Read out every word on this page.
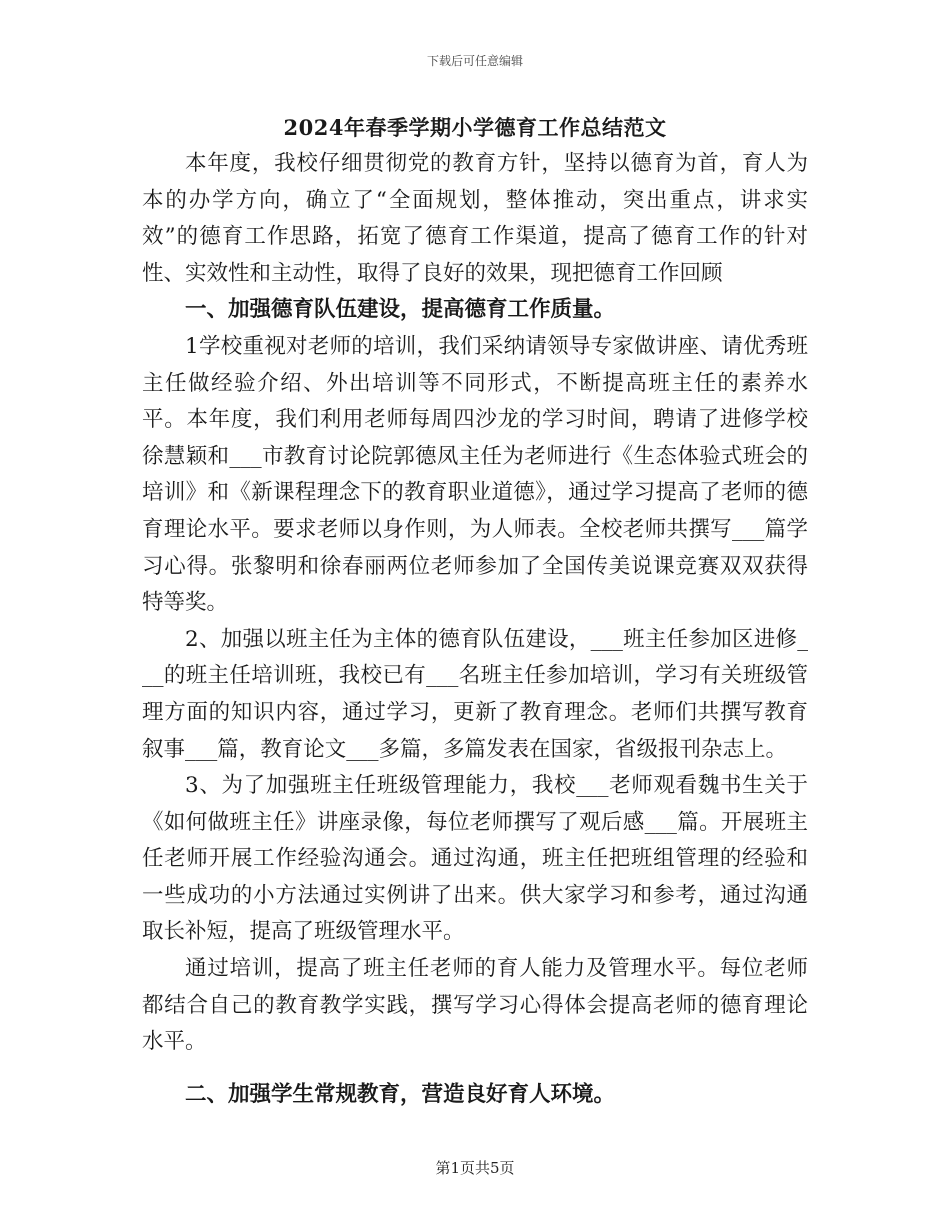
下载后可任意编辑
2024年春季学期小学德育工作总结范文

本年度，我校仔细贯彻党的教育方针，坚持以德育为首，育人为本的办学方向，确立了“全面规划，整体推动，突出重点，讲求实效”的德育工作思路，拓宽了德育工作渠道，提高了德育工作的针对性、实效性和主动性，取得了良好的效果，现把德育工作回顾

一、加强德育队伍建设，提高德育工作质量。

1学校重视对老师的培训，我们采纳请领导专家做讲座、请优秀班主任做经验介绍、外出培训等不同形式，不断提高班主任的素养水平。本年度，我们利用老师每周四沙龙的学习时间，聘请了进修学校徐慧颖和___市教育讨论院郭德凤主任为老师进行《生态体验式班会的培训》和《新课程理念下的教育职业道德》，通过学习提高了老师的德育理论水平。要求老师以身作则，为人师表。全校老师共撰写___篇学习心得。张黎明和徐春丽两位老师参加了全国传美说课竞赛双双获得特等奖。

2、加强以班主任为主体的德育队伍建设，___班主任参加区进修___的班主任培训班，我校已有___名班主任参加培训，学习有关班级管理方面的知识内容，通过学习，更新了教育理念。老师们共撰写教育叙事___篇，教育论文___多篇，多篇发表在国家，省级报刊杂志上。

3、为了加强班主任班级管理能力，我校___老师观看魏书生关于《如何做班主任》讲座录像，每位老师撰写了观后感___篇。开展班主任老师开展工作经验沟通会。通过沟通，班主任把班组管理的经验和一些成功的小方法通过实例讲了出来。供大家学习和参考，通过沟通取长补短，提高了班级管理水平。

通过培训，提高了班主任老师的育人能力及管理水平。每位老师都结合自己的教育教学实践，撰写学习心得体会提高老师的德育理论水平。

二、加强学生常规教育，营造良好育人环境。

第1页共5页
